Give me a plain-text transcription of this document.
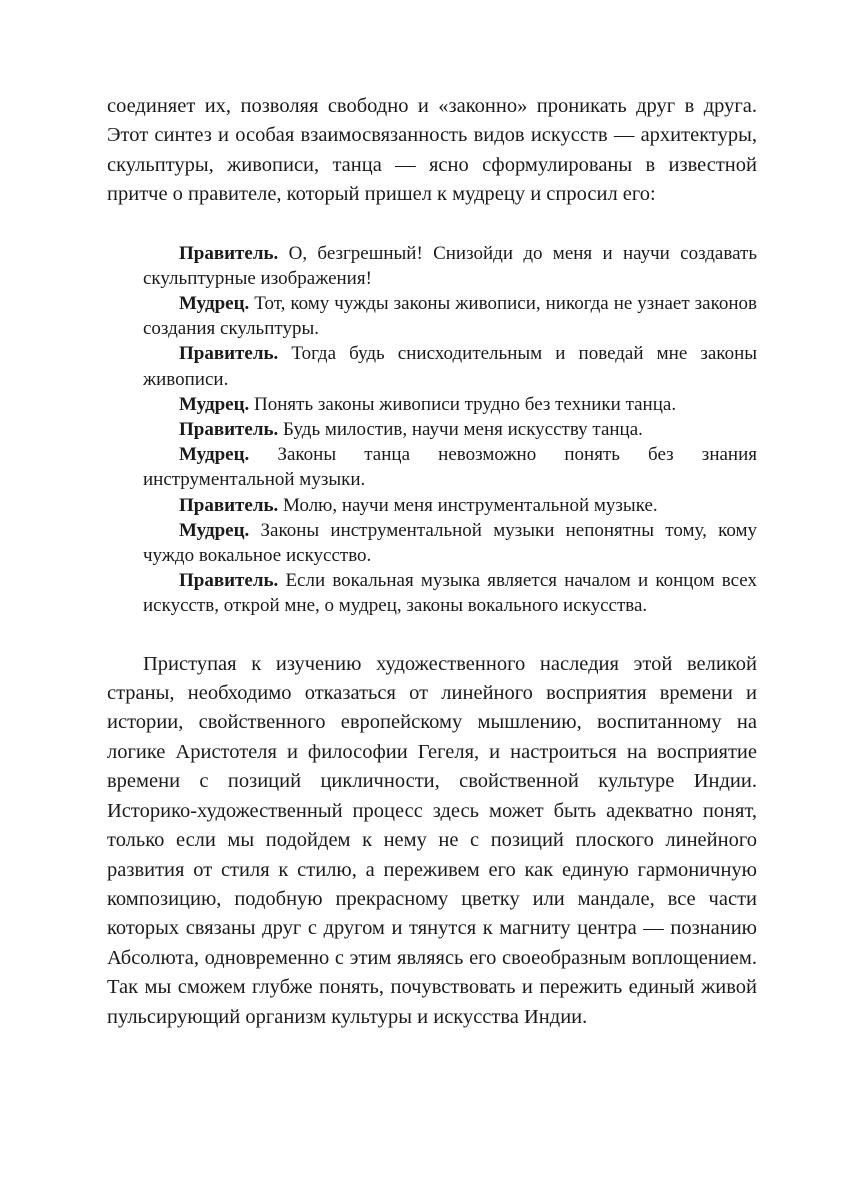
соединяет их, позволяя свободно и «законно» проникать друг в друга. Этот синтез и особая взаимосвязанность видов искусств — архитектуры, скульптуры, живописи, танца — ясно сформулированы в известной притче о правителе, который пришел к мудрецу и спросил его:

Правитель. О, безгрешный! Снизойди до меня и научи создавать скульптурные изображения!

Мудрец. Тот, кому чужды законы живописи, никогда не узнает законов создания скульптуры.

Правитель. Тогда будь снисходительным и поведай мне законы живописи.

Мудрец. Понять законы живописи трудно без техники танца.

Правитель. Будь милостив, научи меня искусству танца.

Мудрец. Законы танца невозможно понять без знания инструментальной музыки.

Правитель. Молю, научи меня инструментальной музыке.

Мудрец. Законы инструментальной музыки непонятны тому, кому чуждо вокальное искусство.

Правитель. Если вокальная музыка является началом и концом всех искусств, открой мне, о мудрец, законы вокального искусства.

Приступая к изучению художественного наследия этой великой страны, необходимо отказаться от линейного восприятия времени и истории, свойственного европейскому мышлению, воспитанному на логике Аристотеля и философии Гегеля, и настроиться на восприятие времени с позиций цикличности, свойственной культуре Индии. Историко-художественный процесс здесь может быть адекватно понят, только если мы подойдем к нему не с позиций плоского линейного развития от стиля к стилю, а переживем его как единую гармоничную композицию, подобную прекрасному цветку или мандале, все части которых связаны друг с другом и тянутся к магниту центра — познанию Абсолюта, одновременно с этим являясь его своеобразным воплощением. Так мы сможем глубже понять, почувствовать и пережить единый живой пульсирующий организм культуры и искусства Индии.
